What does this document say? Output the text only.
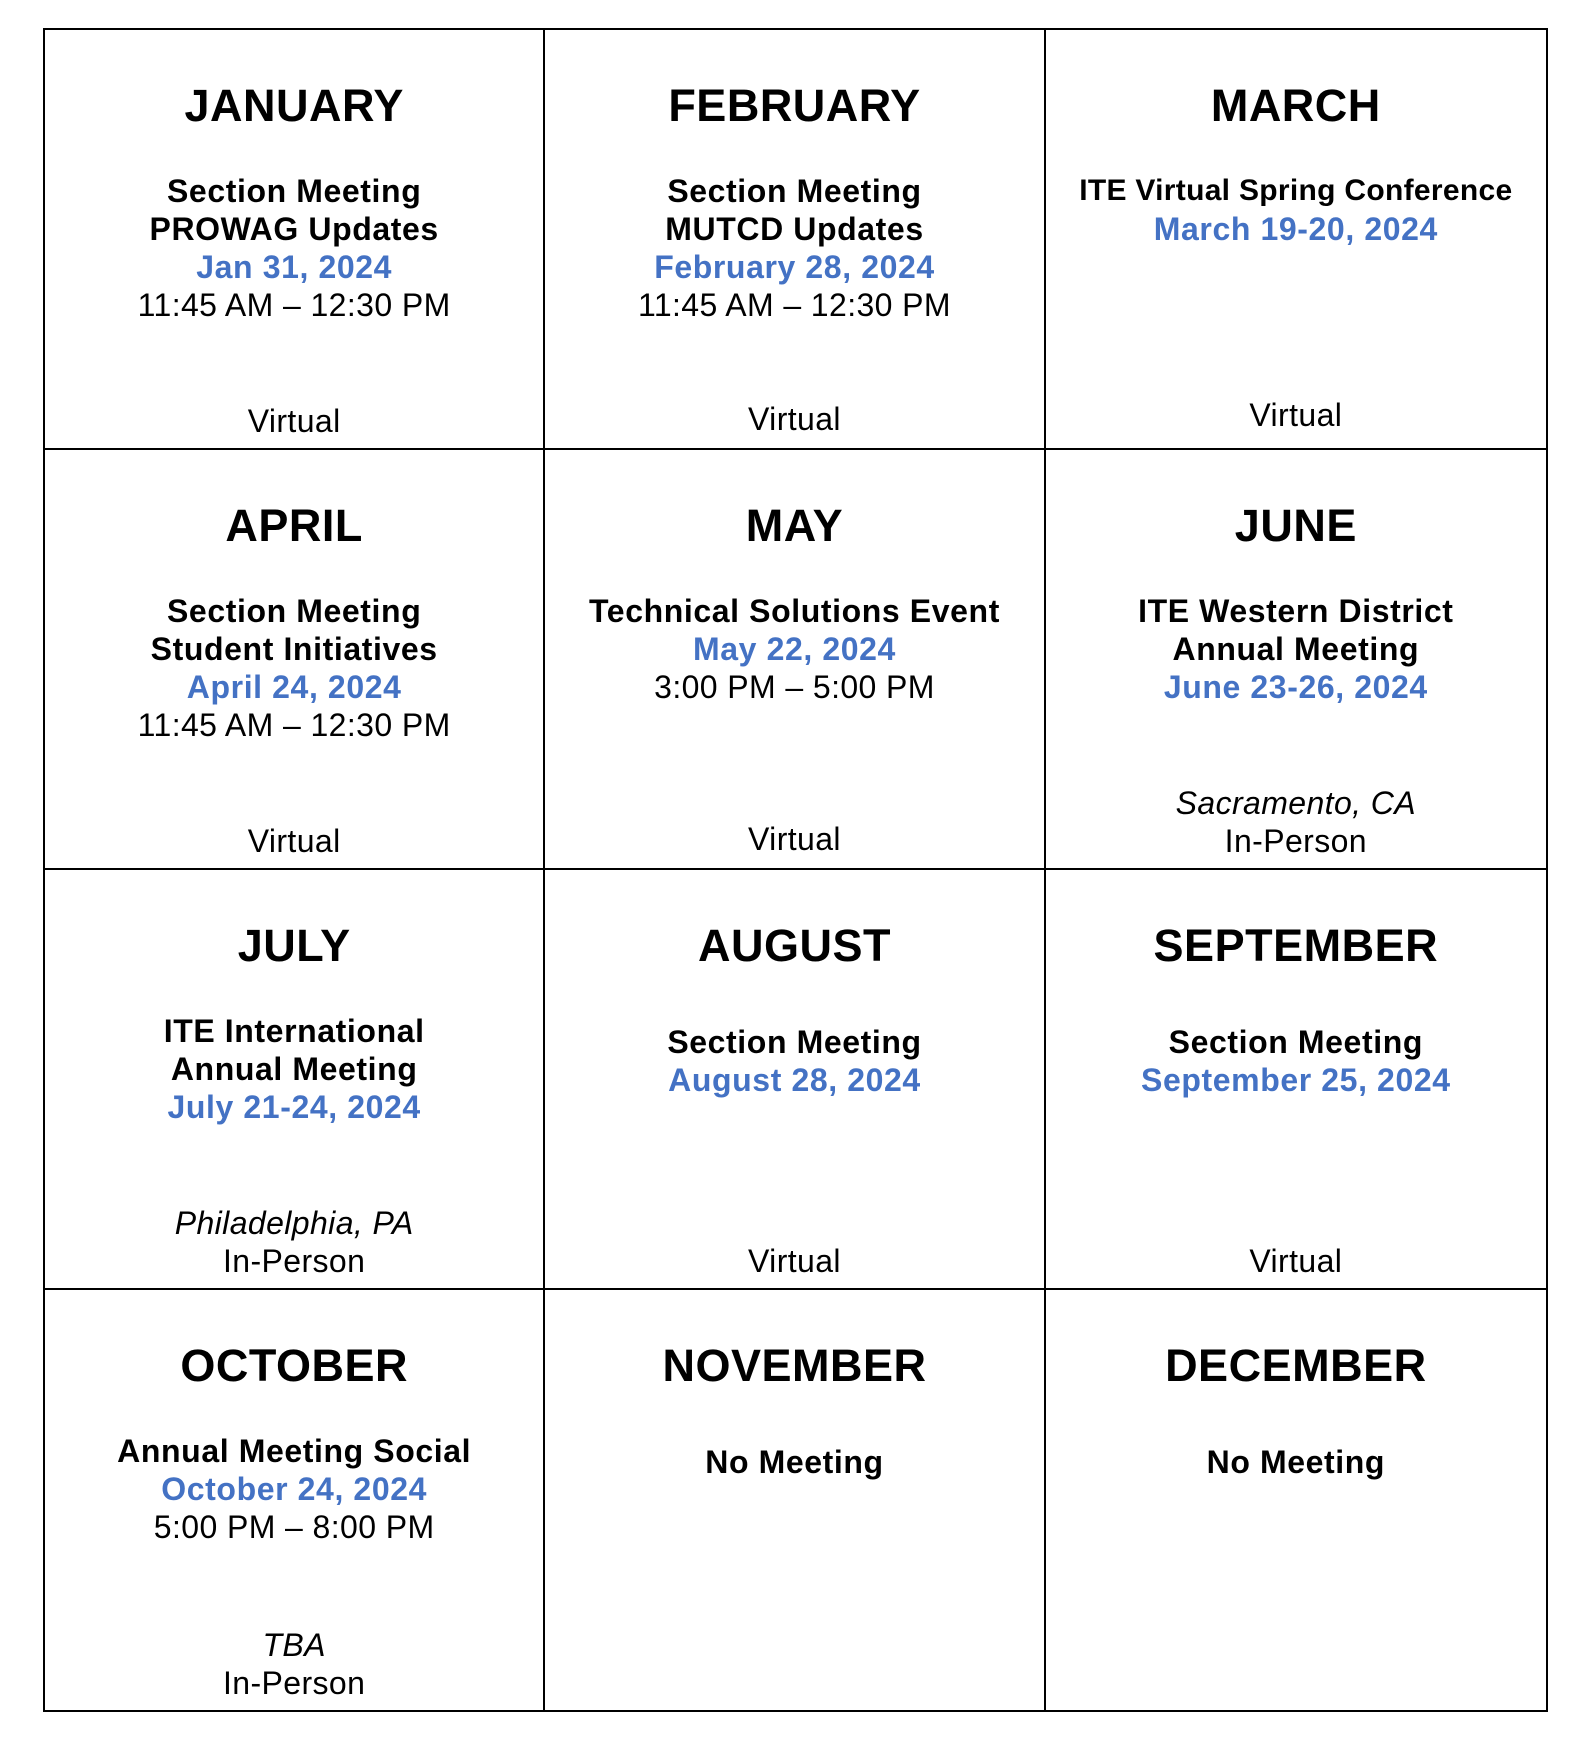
JANUARY
Section Meeting
PROWAG Updates
Jan 31, 2024
11:45 AM – 12:30 PM
Virtual
FEBRUARY
Section Meeting
MUTCD Updates
February 28, 2024
11:45 AM – 12:30 PM
Virtual
MARCH
ITE Virtual Spring Conference
March 19-20, 2024
Virtual
APRIL
Section Meeting
Student Initiatives
April 24, 2024
11:45 AM – 12:30 PM
Virtual
MAY
Technical Solutions Event
May 22, 2024
3:00 PM – 5:00 PM
Virtual
JUNE
ITE Western District
Annual Meeting
June 23-26, 2024
Sacramento, CA
In-Person
JULY
ITE International
Annual Meeting
July 21-24, 2024
Philadelphia, PA
In-Person
AUGUST
Section Meeting
August 28, 2024
Virtual
SEPTEMBER
Section Meeting
September 25, 2024
Virtual
OCTOBER
Annual Meeting Social
October 24, 2024
5:00 PM – 8:00 PM
TBA
In-Person
NOVEMBER
No Meeting
DECEMBER
No Meeting
